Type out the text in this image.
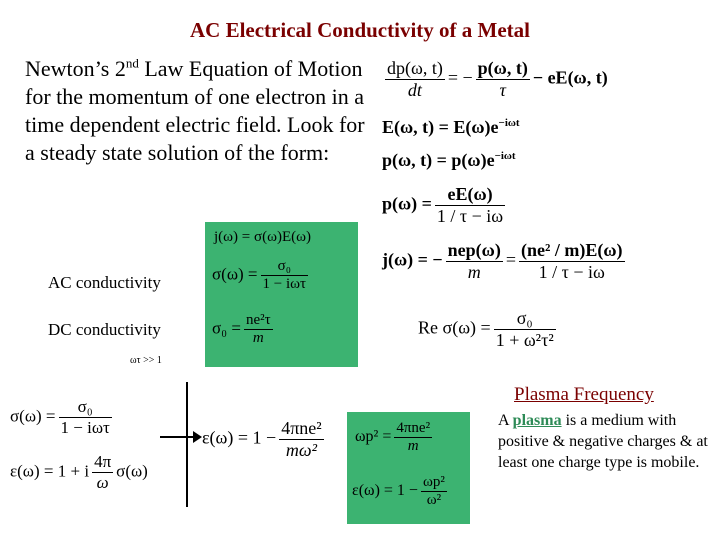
AC Electrical Conductivity of a Metal
Newton’s 2nd Law Equation of Motion for the momentum of one electron in a time dependent electric field. Look for a steady state solution of the form:
$\frac{dp(\omega, t)}{dt}$ = − $\frac{p(\omega, t)}{\tau} - eE(\omega$, t)
E(ω, $t) = E(\omega)e^{-i\omega t}$
p(ω, $t) = p(\omega)e^{-i\omega t}$
$p(\omega) = \frac{eE(\omega)}{1 / \tau - i\omega}$
j(ω) = − $\frac{\text{nep(ω)}}{m} = \frac{\text{(ne² / m)E(ω)}}{1 / \tau - i\omega}$
Re $\sigma(\omega) = \frac{\text{σ₀}}{\text{1 + ω²τ²}}$
j(ω) = σ(ω)E(ω)
$\sigma(\omega) = \frac{\text{σ₀}}{\text{1 − iωτ}}$
$\sigma_0 = \frac{\text{ne²τ}}{m}$
AC conductivity
DC conductivity
ωτ >> 1
$\sigma(\omega) = \frac{\text{σ₀}}{\text{1 − iωτ}}$
ε(ω) = 1 + i $\frac{4\pi}{\omega} \sigma(\omega)$
$\varepsilon(\omega) = 1 - \frac{\text{4πne²}}{\text{mω²}} \omega p^2 = \frac{\text{4πne²}}{m}$
$\varepsilon(\omega) = 1 - \frac{\text{ωp²}}{\text{ω²}}$
Plasma Frequency
A plasma is a medium with positive & negative charges & at least one charge type is mobile.
